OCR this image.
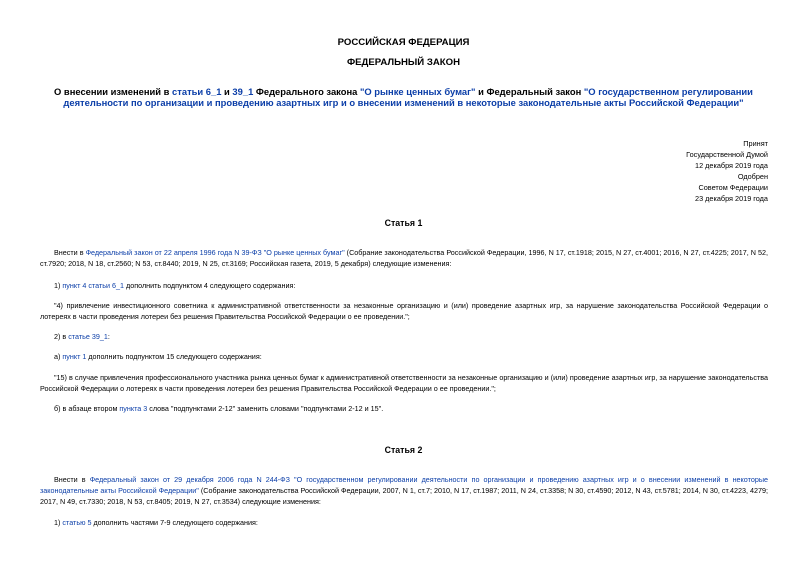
РОССИЙСКАЯ ФЕДЕРАЦИЯ
ФЕДЕРАЛЬНЫЙ ЗАКОН
О внесении изменений в статьи 6_1 и 39_1 Федерального закона "О рынке ценных бумаг" и Федеральный закон "О государственном регулировании деятельности по организации и проведению азартных игр и о внесении изменений в некоторые законодательные акты Российской Федерации"
Принят
Государственной Думой
12 декабря 2019 года
Одобрен
Советом Федерации
23 декабря 2019 года
Статья 1
Внести в Федеральный закон от 22 апреля 1996 года N 39-ФЗ "О рынке ценных бумаг" (Собрание законодательства Российской Федерации, 1996, N 17, ст.1918; 2015, N 27, ст.4001; 2016, N 27, ст.4225; 2017, N 52, ст.7920; 2018, N 18, ст.2560; N 53, ст.8440; 2019, N 25, ст.3169; Российская газета, 2019, 5 декабря) следующие изменения:
1) пункт 4 статьи 6_1 дополнить подпунктом 4 следующего содержания:
"4) привлечение инвестиционного советника к административной ответственности за незаконные организацию и (или) проведение азартных игр, за нарушение законодательства Российской Федерации о лотереях в части проведения лотереи без решения Правительства Российской Федерации о ее проведении.";
2) в статье 39_1:
а) пункт 1 дополнить подпунктом 15 следующего содержания:
"15) в случае привлечения профессионального участника рынка ценных бумаг к административной ответственности за незаконные организацию и (или) проведение азартных игр, за нарушение законодательства Российской Федерации о лотереях в части проведения лотереи без решения Правительства Российской Федерации о ее проведении.";
б) в абзаце втором пункта 3 слова "подпунктами 2-12" заменить словами "подпунктами 2-12 и 15".
Статья 2
Внести в Федеральный закон от 29 декабря 2006 года N 244-ФЗ "О государственном регулировании деятельности по организации и проведению азартных игр и о внесении изменений в некоторые законодательные акты Российской Федерации" (Собрание законодательства Российской Федерации, 2007, N 1, ст.7; 2010, N 17, ст.1987; 2011, N 24, ст.3358; N 30, ст.4590; 2012, N 43, ст.5781; 2014, N 30, ст.4223, 4279; 2017, N 49, ст.7330; 2018, N 53, ст.8405; 2019, N 27, ст.3534) следующие изменения:
1) статью 5 дополнить частями 7-9 следующего содержания:
